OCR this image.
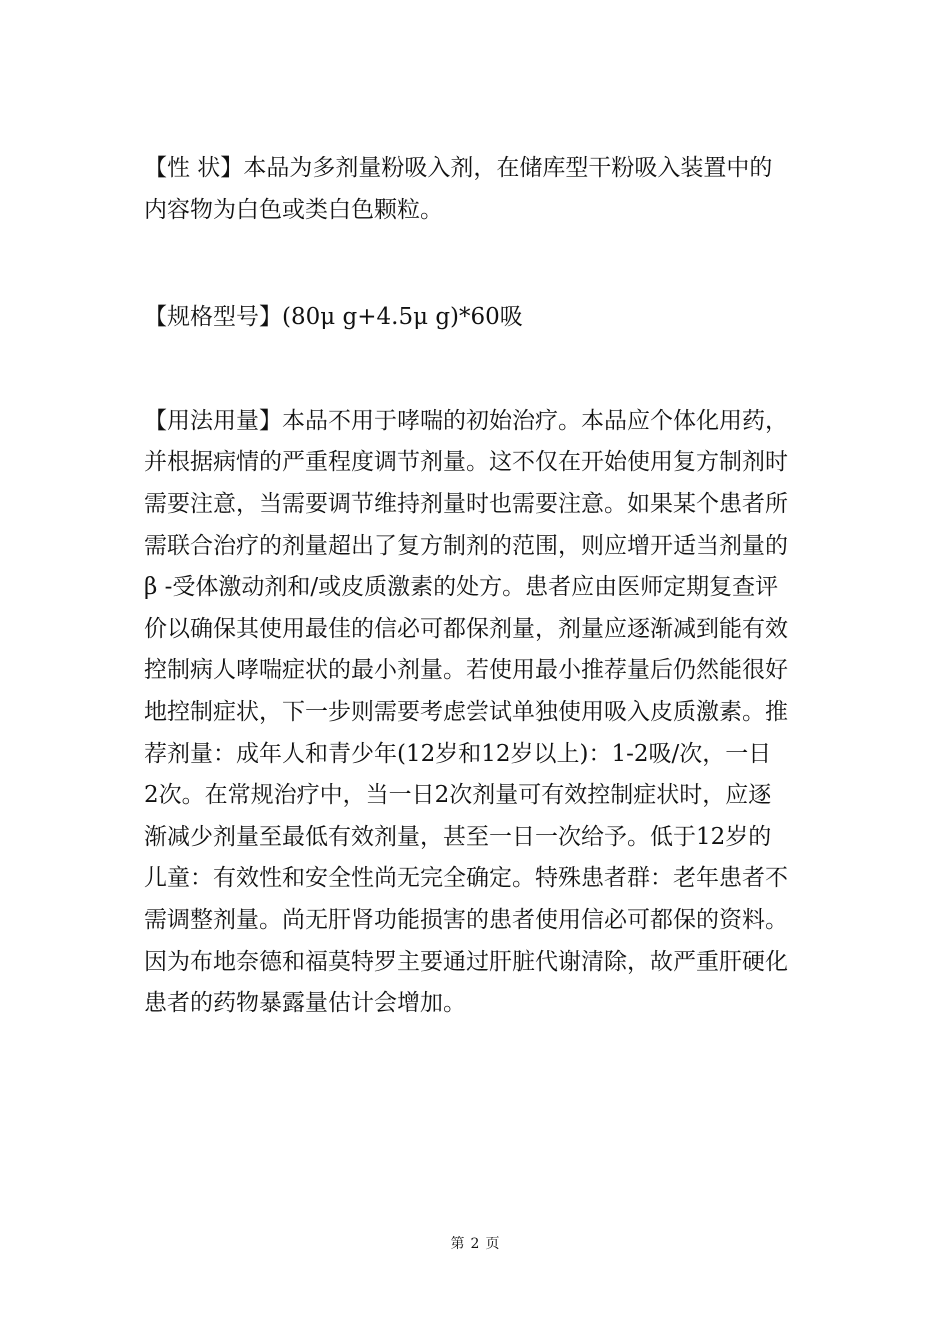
【性 状】本品为多剂量粉吸入剂，在储库型干粉吸入装置中的
内容物为白色或类白色颗粒。

【规格型号】(80μ g+4.5μ g)*60吸

【用法用量】本品不用于哮喘的初始治疗。本品应个体化用药，
并根据病情的严重程度调节剂量。这不仅在开始使用复方制剂时
需要注意，当需要调节维持剂量时也需要注意。如果某个患者所
需联合治疗的剂量超出了复方制剂的范围，则应增开适当剂量的
β -受体激动剂和/或皮质激素的处方。患者应由医师定期复查评
价以确保其使用最佳的信必可都保剂量，剂量应逐渐减到能有效
控制病人哮喘症状的最小剂量。若使用最小推荐量后仍然能很好
地控制症状，下一步则需要考虑尝试单独使用吸入皮质激素。推
荐剂量：成年人和青少年(12岁和12岁以上)：1-2吸/次，一日
2次。在常规治疗中，当一日2次剂量可有效控制症状时，应逐
渐减少剂量至最低有效剂量，甚至一日一次给予。低于12岁的
儿童：有效性和安全性尚无完全确定。特殊患者群：老年患者不
需调整剂量。尚无肝肾功能损害的患者使用信必可都保的资料。
因为布地奈德和福莫特罗主要通过肝脏代谢清除，故严重肝硬化
患者的药物暴露量估计会增加。

第 2 页
